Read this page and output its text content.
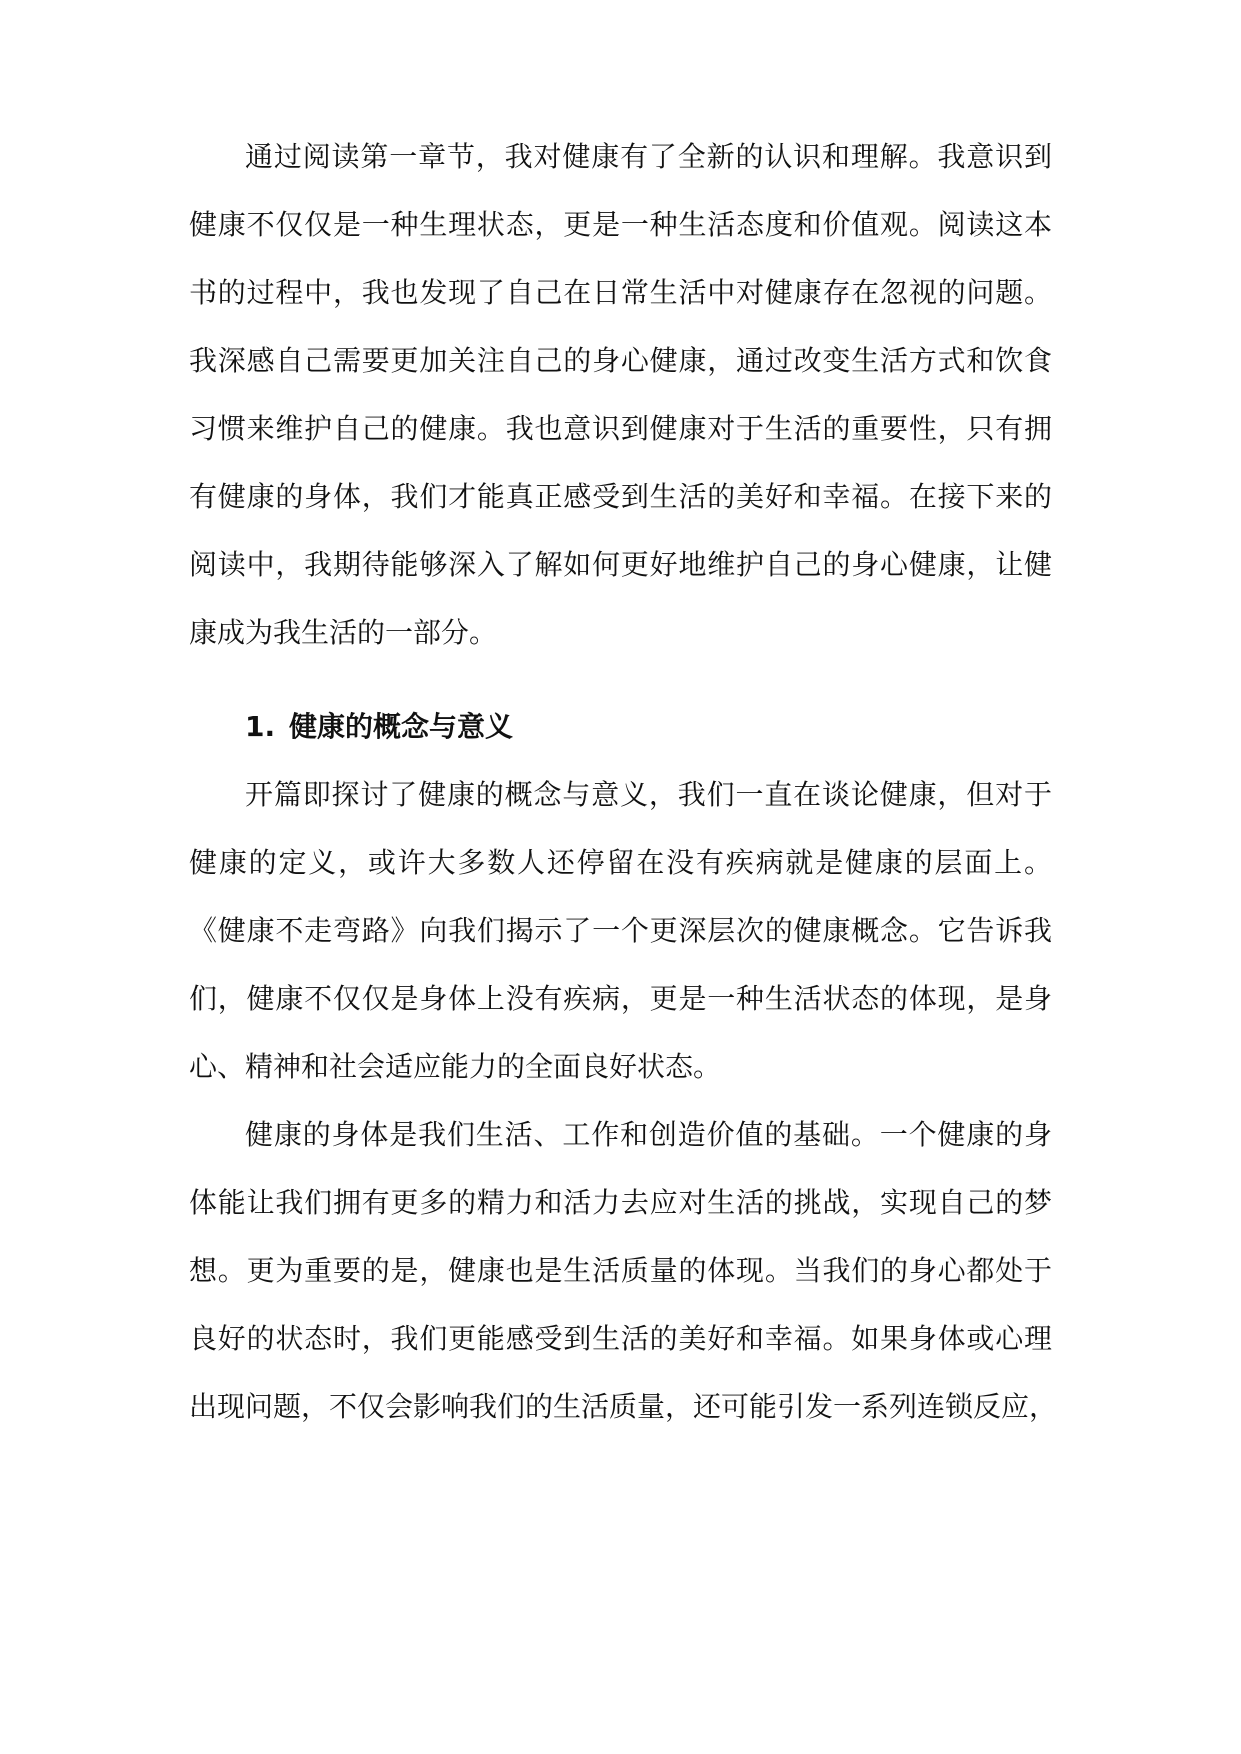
通过阅读第一章节，我对健康有了全新的认识和理解。我意识到
健康不仅仅是一种生理状态，更是一种生活态度和价值观。阅读这本
书的过程中，我也发现了自己在日常生活中对健康存在忽视的问题。
我深感自己需要更加关注自己的身心健康，通过改变生活方式和饮食
习惯来维护自己的健康。我也意识到健康对于生活的重要性，只有拥
有健康的身体，我们才能真正感受到生活的美好和幸福。在接下来的
阅读中，我期待能够深入了解如何更好地维护自己的身心健康，让健
康成为我生活的一部分。
1. 健康的概念与意义
开篇即探讨了健康的概念与意义，我们一直在谈论健康，但对于
健康的定义，或许大多数人还停留在没有疾病就是健康的层面上。
《健康不走弯路》向我们揭示了一个更深层次的健康概念。它告诉我
们，健康不仅仅是身体上没有疾病，更是一种生活状态的体现，是身
心、精神和社会适应能力的全面良好状态。
健康的身体是我们生活、工作和创造价值的基础。一个健康的身
体能让我们拥有更多的精力和活力去应对生活的挑战，实现自己的梦
想。更为重要的是，健康也是生活质量的体现。当我们的身心都处于
良好的状态时，我们更能感受到生活的美好和幸福。如果身体或心理
出现问题，不仅会影响我们的生活质量，还可能引发一系列连锁反应，
